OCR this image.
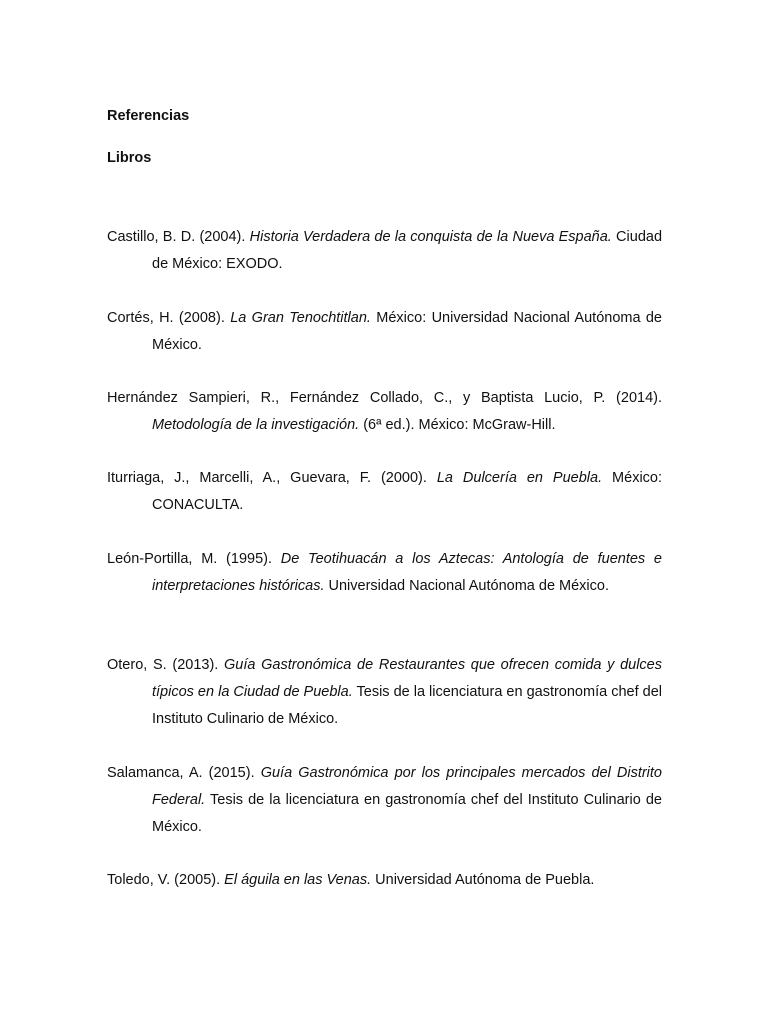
Referencias
Libros

Castillo, B. D. (2004). Historia Verdadera de la conquista de la Nueva España. Ciudad de México: EXODO.

Cortés, H. (2008). La Gran Tenochtitlan. México: Universidad Nacional Autónoma de México.

Hernández Sampieri, R., Fernández Collado, C., y Baptista Lucio, P. (2014). Metodología de la investigación. (6ª ed.). México: McGraw-Hill.

Iturriaga, J., Marcelli, A., Guevara, F. (2000). La Dulcería en Puebla. México: CONACULTA.

León-Portilla, M. (1995). De Teotihuacán a los Aztecas: Antología de fuentes e interpretaciones históricas. Universidad Nacional Autónoma de México.

Otero, S. (2013). Guía Gastronómica de Restaurantes que ofrecen comida y dulces típicos en la Ciudad de Puebla. Tesis de la licenciatura en gastronomía chef del Instituto Culinario de México.

Salamanca, A. (2015). Guía Gastronómica por los principales mercados del Distrito Federal. Tesis de la licenciatura en gastronomía chef del Instituto Culinario de México.

Toledo, V. (2005). El águila en las Venas. Universidad Autónoma de Puebla.
